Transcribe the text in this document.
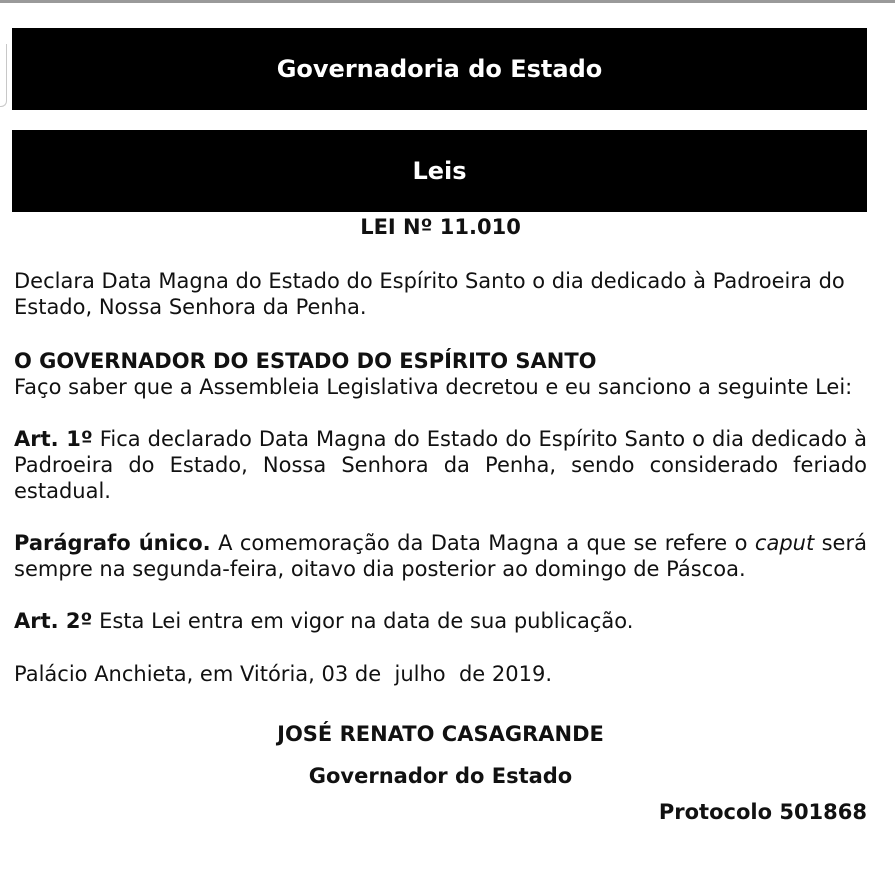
Governadoria do Estado
Leis

LEI Nº 11.010

Declara Data Magna do Estado do Espírito Santo o dia dedicado à Padroeira do Estado, Nossa Senhora da Penha.

O GOVERNADOR DO ESTADO DO ESPÍRITO SANTO

Faço saber que a Assembleia Legislativa decretou e eu sanciono a seguinte Lei:

Art. 1º Fica declarado Data Magna do Estado do Espírito Santo o dia dedicado à Padroeira do Estado, Nossa Senhora da Penha, sendo considerado feriado estadual.

Parágrafo único. A comemoração da Data Magna a que se refere o caput será sempre na segunda-feira, oitavo dia posterior ao domingo de Páscoa.

Art. 2º Esta Lei entra em vigor na data de sua publicação.

Palácio Anchieta, em Vitória, 03 de  julho  de 2019.

JOSÉ RENATO CASAGRANDE

Governador do Estado

Protocolo 501868
